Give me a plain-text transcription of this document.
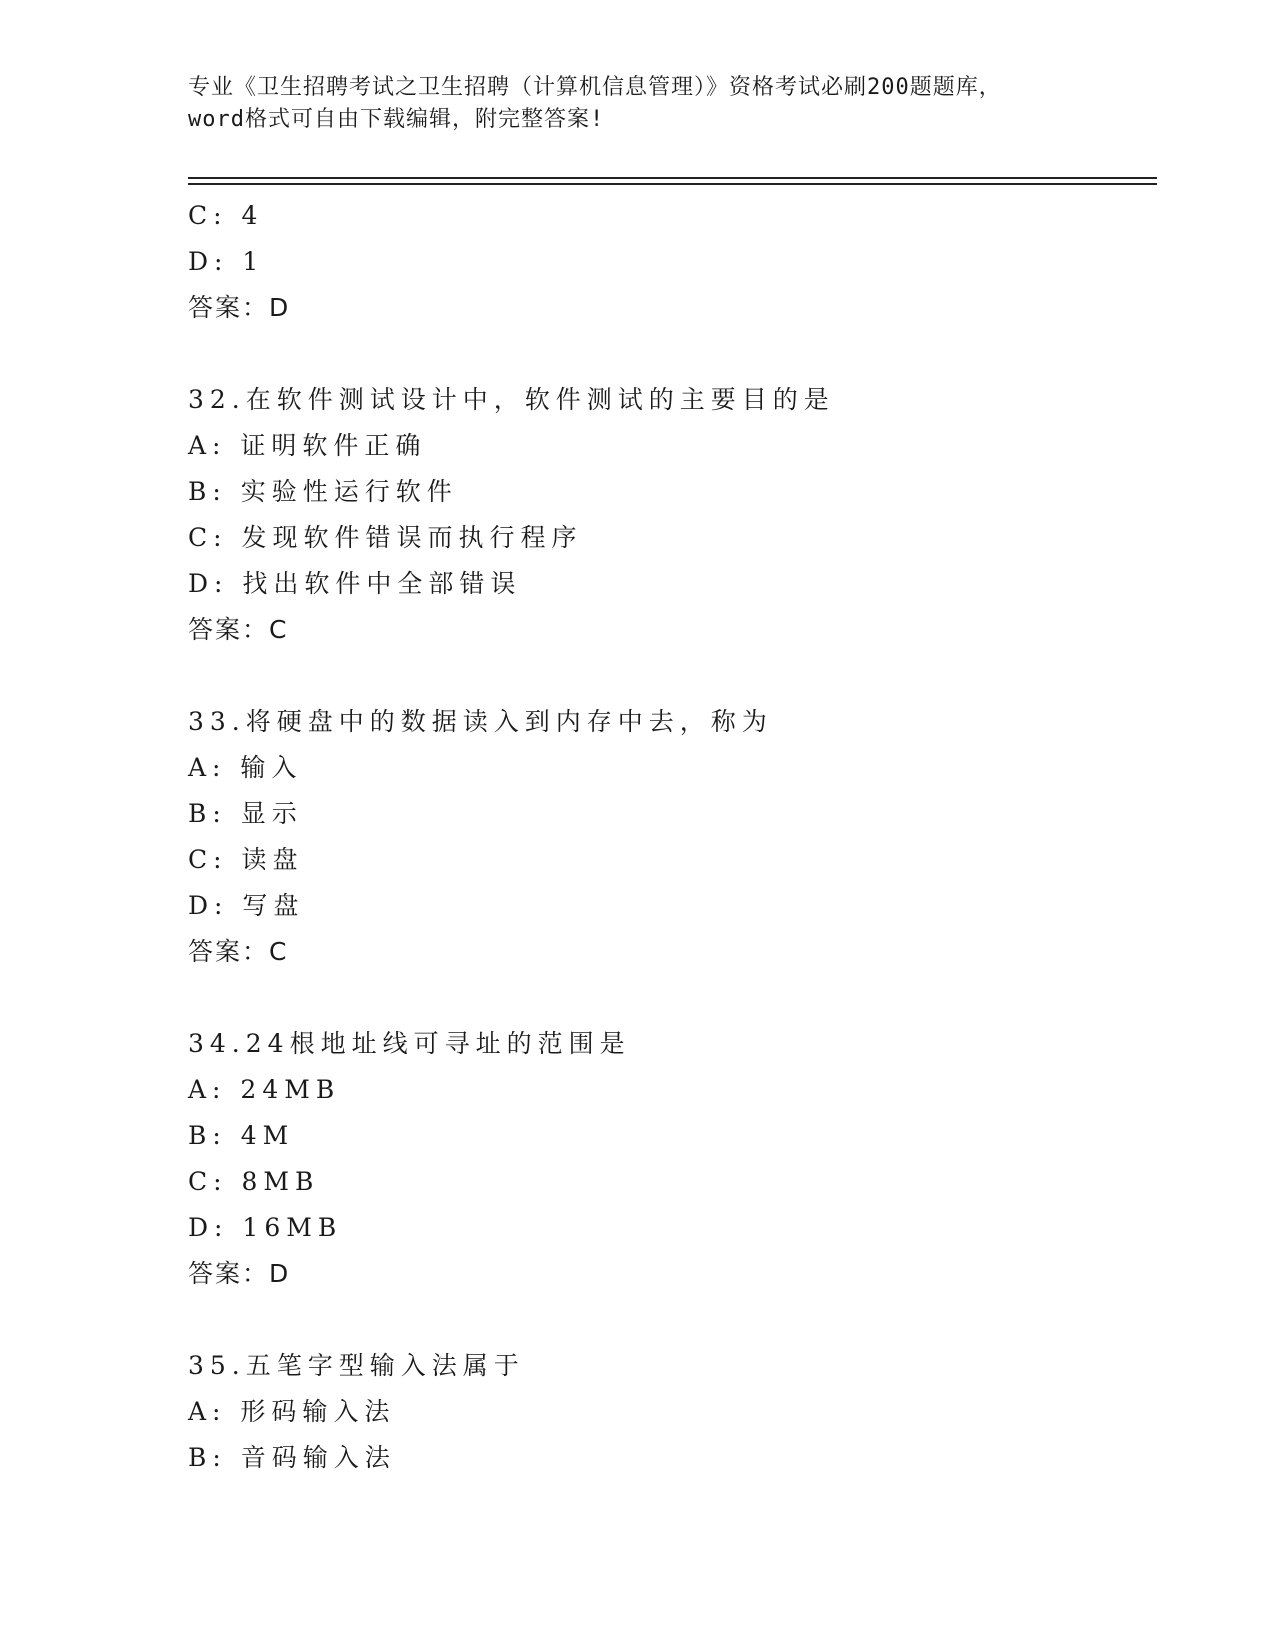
专业《卫生招聘考试之卫生招聘（计算机信息管理）》资格考试必刷200题题库，
word格式可自由下载编辑，附完整答案!
C: 4
D: 1
答案：D
32.在软件测试设计中，软件测试的主要目的是
A: 证明软件正确
B: 实验性运行软件
C: 发现软件错误而执行程序
D: 找出软件中全部错误
答案：C
33.将硬盘中的数据读入到内存中去，称为
A: 输入
B: 显示
C: 读盘
D: 写盘
答案：C
34.24根地址线可寻址的范围是
A: 24MB
B: 4M
C: 8MB
D: 16MB
答案：D
35.五笔字型输入法属于
A: 形码输入法
B: 音码输入法
